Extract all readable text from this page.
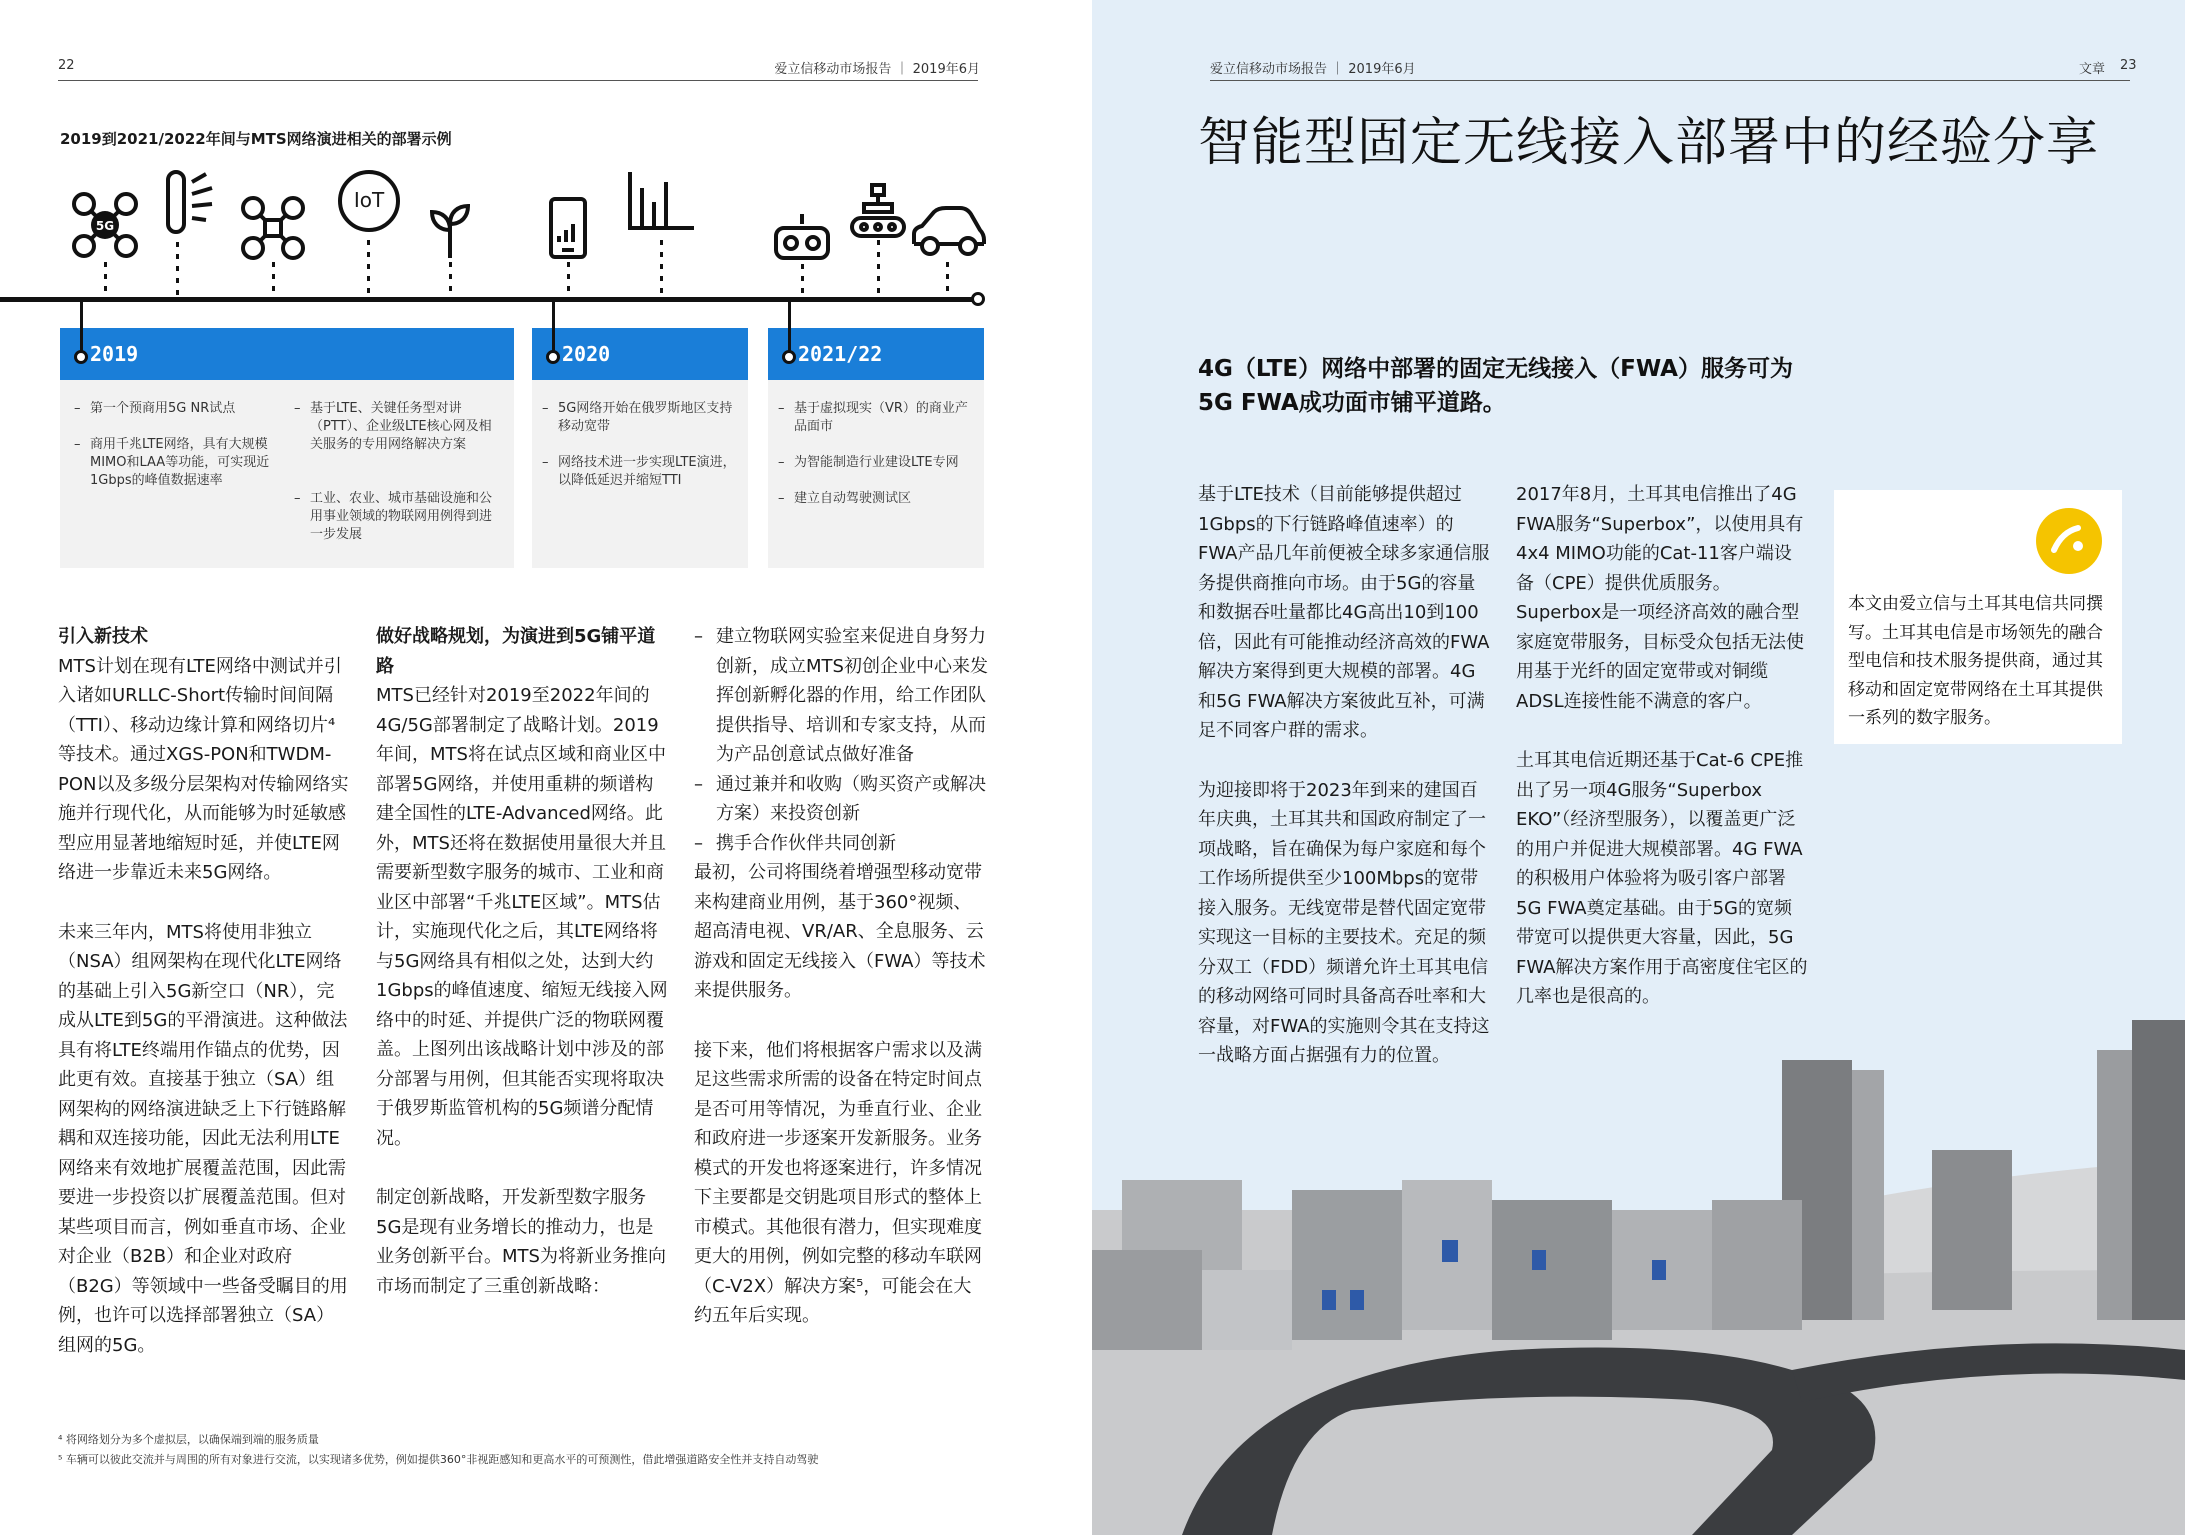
22	爱立信移动市场报告 ｜ 2019年6月
2019到2021/2022年间与MTS网络演进相关的部署示例
5G
IoT
2019	2020	2021/22
– 第一个预商用5G NR试点
– 商用千兆LTE网络，具有大规模MIMO和LAA等功能，可实现近1Gbps的峰值数据速率
– 基于LTE、关键任务型对讲（PTT）、企业级LTE核心网及相关服务的专用网络解决方案
– 工业、农业、城市基础设施和公用事业领域的物联网用例得到进一步发展
– 5G网络开始在俄罗斯地区支持移动宽带
– 网络技术进一步实现LTE演进，以降低延迟并缩短TTI
– 基于虚拟现实（VR）的商业产品面市
– 为智能制造行业建设LTE专网
– 建立自动驾驶测试区
引入新技术

MTS计划在现有LTE网络中测试并引入诸如URLLC-Short传输时间间隔（TTI）、移动边缘计算和网络切片⁴等技术。通过XGS-PON和TWDM-PON以及多级分层架构对传输网络实施并行现代化，从而能够为时延敏感型应用显著地缩短时延，并使LTE网络进一步靠近未来5G网络。

未来三年内，MTS将使用非独立（NSA）组网架构在现代化LTE网络的基础上引入5G新空口（NR），完成从LTE到5G的平滑演进。这种做法具有将LTE终端用作锚点的优势，因此更有效。直接基于独立（SA）组网架构的网络演进缺乏上下行链路解耦和双连接功能，因此无法利用LTE网络来有效地扩展覆盖范围，因此需要进一步投资以扩展覆盖范围。但对某些项目而言，例如垂直市场、企业对企业（B2B）和企业对政府（B2G）等领域中一些备受瞩目的用例，也许可以选择部署独立（SA）组网的5G。

做好战略规划，为演进到5G铺平道路

MTS已经针对2019至2022年间的4G/5G部署制定了战略计划。2019年间，MTS将在试点区域和商业区中部署5G网络，并使用重耕的频谱构建全国性的LTE-Advanced网络。此外，MTS还将在数据使用量很大并且需要新型数字服务的城市、工业和商业区中部署“千兆LTE区域”。MTS估计，实施现代化之后，其LTE网络将与5G网络具有相似之处，达到大约1Gbps的峰值速度、缩短无线接入网络中的时延、并提供广泛的物联网覆盖。上图列出该战略计划中涉及的部分部署与用例，但其能否实现将取决于俄罗斯监管机构的5G频谱分配情况。

制定创新战略，开发新型数字服务5G是现有业务增长的推动力，也是业务创新平台。MTS为将新业务推向市场而制定了三重创新战略：

– 建立物联网实验室来促进自身努力创新，成立MTS初创企业中心来发挥创新孵化器的作用，给工作团队提供指导、培训和专家支持，从而为产品创意试点做好准备
– 通过兼并和收购（购买资产或解决方案）来投资创新
– 携手合作伙伴共同创新

最初，公司将围绕着增强型移动宽带来构建商业用例，基于360°视频、超高清电视、VR/AR、全息服务、云游戏和固定无线接入（FWA）等技术来提供服务。

接下来，他们将根据客户需求以及满足这些需求所需的设备在特定时间点是否可用等情况，为垂直行业、企业和政府进一步逐案开发新服务。业务模式的开发也将逐案进行，许多情况下主要都是交钥匙项目形式的整体上市模式。其他很有潜力，但实现难度更大的用例，例如完整的移动车联网（C-V2X）解决方案⁵，可能会在大约五年后实现。

⁴ 将网络划分为多个虚拟层，以确保端到端的服务质量
⁵ 车辆可以彼此交流并与周围的所有对象进行交流，以实现诸多优势，例如提供360°非视距感知和更高水平的可预测性，借此增强道路安全性并支持自动驾驶
爱立信移动市场报告 ｜ 2019年6月	文章 23
智能型固定无线接入部署中的经验分享
4G（LTE）网络中部署的固定无线接入（FWA）服务可为5G FWA成功面市铺平道路。

基于LTE技术（目前能够提供超过1Gbps的下行链路峰值速率）的FWA产品几年前便被全球多家通信服务提供商推向市场。由于5G的容量和数据吞吐量都比4G高出10到100倍，因此有可能推动经济高效的FWA解决方案得到更大规模的部署。4G和5G FWA解决方案彼此互补，可满足不同客户群的需求。

为迎接即将于2023年到来的建国百年庆典，土耳其共和国政府制定了一项战略，旨在确保为每户家庭和每个工作场所提供至少100Mbps的宽带接入服务。无线宽带是替代固定宽带实现这一目标的主要技术。充足的频分双工（FDD）频谱允许土耳其电信的移动网络可同时具备高吞吐率和大容量，对FWA的实施则令其在支持这一战略方面占据强有力的位置。

2017年8月，土耳其电信推出了4G FWA服务“Superbox”，以使用具有4x4 MIMO功能的Cat-11客户端设备（CPE）提供优质服务。Superbox是一项经济高效的融合型家庭宽带服务，目标受众包括无法使用基于光纤的固定宽带或对铜缆ADSL连接性能不满意的客户。

土耳其电信近期还基于Cat-6 CPE推出了另一项4G服务“Superbox EKO”（经济型服务），以覆盖更广泛的用户并促进大规模部署。4G FWA的积极用户体验将为吸引客户部署5G FWA奠定基础。由于5G的宽频带宽可以提供更大容量，因此，5G FWA解决方案作用于高密度住宅区的几率也是很高的。

本文由爱立信与土耳其电信共同撰写。土耳其电信是市场领先的融合型电信和技术服务提供商，通过其移动和固定宽带网络在土耳其提供一系列的数字服务。
